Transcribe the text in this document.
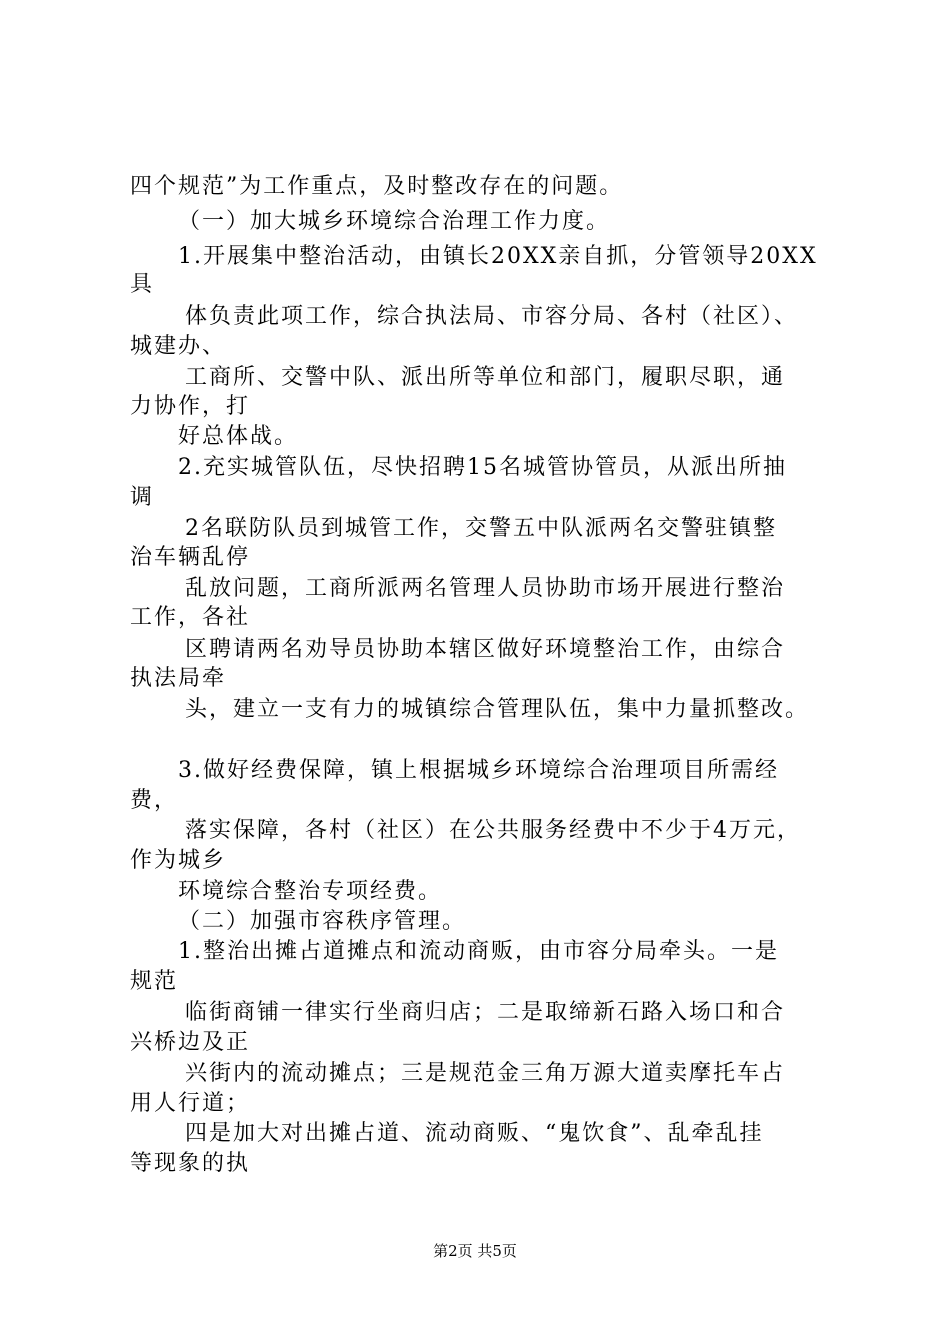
四个规范”为工作重点，及时整改存在的问题。
（一）加大城乡环境综合治理工作力度。
1.开展集中整治活动，由镇长20XX亲自抓，分管领导20XX
具
体负责此项工作，综合执法局、市容分局、各村（社区）、
城建办、
工商所、交警中队、派出所等单位和部门，履职尽职，通
力协作，打
好总体战。
2.充实城管队伍，尽快招聘15名城管协管员，从派出所抽
调
2名联防队员到城管工作，交警五中队派两名交警驻镇整
治车辆乱停
乱放问题，工商所派两名管理人员协助市场开展进行整治
工作，各社
区聘请两名劝导员协助本辖区做好环境整治工作，由综合
执法局牵
头，建立一支有力的城镇综合管理队伍，集中力量抓整改。
3.做好经费保障，镇上根据城乡环境综合治理项目所需经
费，
落实保障，各村（社区）在公共服务经费中不少于4万元，
作为城乡
环境综合整治专项经费。
（二）加强市容秩序管理。
1.整治出摊占道摊点和流动商贩，由市容分局牵头。一是
规范
临街商铺一律实行坐商归店；二是取缔新石路入场口和合
兴桥边及正
兴街内的流动摊点；三是规范金三角万源大道卖摩托车占
用人行道；
四是加大对出摊占道、流动商贩、“鬼饮食”、乱牵乱挂
等现象的执
第2页 共5页
